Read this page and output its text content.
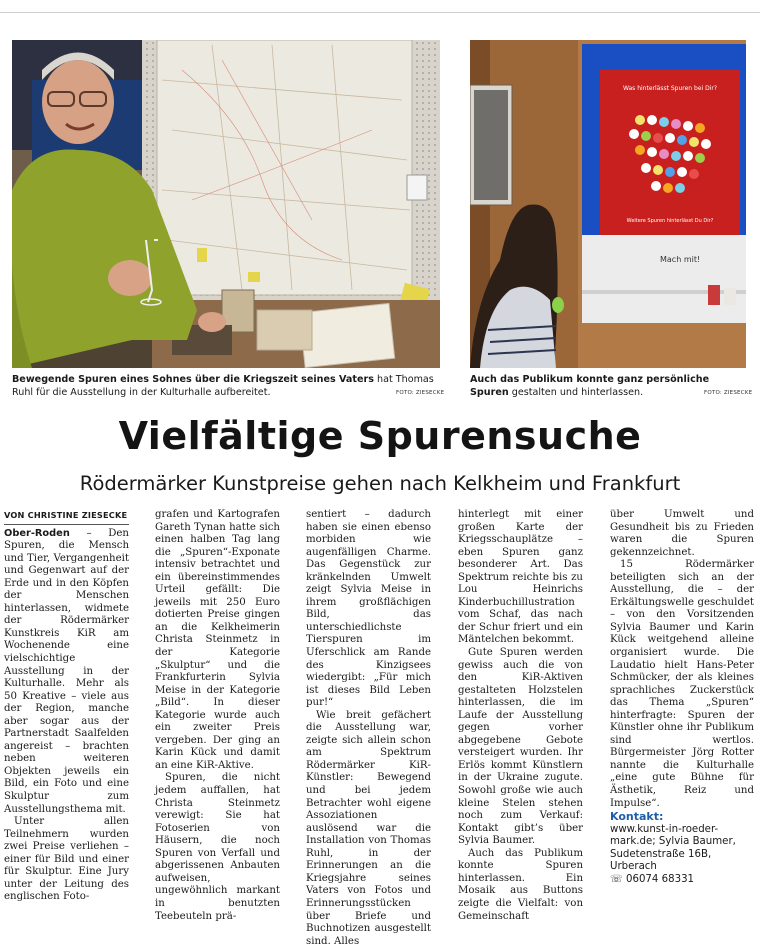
Was hinterlässt Spuren bei Dir?
Weitere Spuren hinterlässt Du Dir?
Mach mit!
Bewegende Spuren eines Sohnes über die Kriegszeit seines Vaters hat Thomas Ruhl für die Ausstellung in der Kulturhalle aufbereitet.	FOTO: ZIESECKE
Auch das Publikum konnte ganz persönliche Spuren gestalten und hinterlassen.	FOTO: ZIESECKE
Vielfältige Spurensuche
Rödermärker Kunstpreise gehen nach Kelkheim und Frankfurt
VON CHRISTINE ZIESECKE

Ober-Roden – Den Spuren, die Mensch und Tier, Vergangenheit und Gegenwart auf der Erde und in den Köpfen der Menschen hinterlassen, widmete der Rödermärker Kunstkreis KiR am Wochenende eine vielschichtige Ausstellung in der Kulturhalle. Mehr als 50 Kreative – viele aus der Region, manche aber sogar aus der Partnerstadt Saalfelden angereist – brachten neben weiteren Objekten jeweils ein Bild, ein Foto und eine Skulptur zum Ausstellungsthema mit.

Unter allen Teilnehmern wurden zwei Preise verliehen – einer für Bild und einer für Skulptur. Eine Jury unter der Leitung des englischen Foto-

grafen und Kartografen Gareth Tynan hatte sich einen halben Tag lang die „Spuren“-Exponate intensiv betrachtet und ein übereinstimmendes Urteil gefällt: Die jeweils mit 250 Euro dotierten Preise gingen an die Kelkheimerin Christa Steinmetz in der Kategorie „Skulptur“ und die Frankfurterin Sylvia Meise in der Kategorie „Bild“. In dieser Kategorie wurde auch ein zweiter Preis vergeben. Der ging an Karin Kück und damit an eine KiR-Aktive.

Spuren, die nicht jedem auffallen, hat Christa Steinmetz verewigt: Sie hat Fotoserien von Häusern, die noch Spuren von Verfall und abgerissenen Anbauten aufweisen, ungewöhnlich markant in benutzten Teebeuteln prä-

sentiert – dadurch haben sie einen ebenso morbiden wie augenfälligen Charme. Das Gegenstück zur kränkelnden Umwelt zeigt Sylvia Meise in ihrem großflächigen Bild, das unterschiedlichste Tierspuren im Uferschlick am Rande des Kinzigsees wiedergibt: „Für mich ist dieses Bild Leben pur!“

Wie breit gefächert die Ausstellung war, zeigte sich allein schon am Spektrum Rödermärker KiR-Künstler: Bewegend und bei jedem Betrachter wohl eigene Assoziationen auslösend war die Installation von Thomas Ruhl, in der Erinnerungen an die Kriegsjahre seines Vaters von Fotos und Erinnerungsstücken über Briefe und Buchnotizen ausgestellt sind. Alles

hinterlegt mit einer großen Karte der Kriegsschauplätze – eben Spuren ganz besonderer Art. Das Spektrum reichte bis zu Lou Heinrichs Kinderbuchillustration vom Schaf, das nach der Schur friert und ein Mäntelchen bekommt.

Gute Spuren werden gewiss auch die von den KiR-Aktiven gestalteten Holzstelen hinterlassen, die im Laufe der Ausstellung gegen vorher abgegebene Gebote versteigert wurden. Ihr Erlös kommt Künstlern in der Ukraine zugute. Sowohl große wie auch kleine Stelen stehen noch zum Verkauf: Kontakt gibt’s über Sylvia Baumer.

Auch das Publikum konnte Spuren hinterlassen. Ein Mosaik aus Buttons zeigte die Vielfalt: von Gemeinschaft

über Umwelt und Gesundheit bis zu Frieden waren die Spuren gekennzeichnet.

15 Rödermärker beteiligten sich an der Ausstellung, die – der Erkältungswelle geschuldet – von den Vorsitzenden Sylvia Baumer und Karin Kück weitgehend alleine organisiert wurde. Die Laudatio hielt Hans-Peter Schmücker, der als kleines sprachliches Zuckerstück das Thema „Spuren“ hinterfragte: Spuren der Künstler ohne ihr Publikum sind wertlos. Bürgermeister Jörg Rotter nannte die Kulturhalle „eine gute Bühne für Ästhetik, Reiz und Impulse“.

Kontakt:
www.kunst-in-roeder-mark.de; Sylvia Baumer, Sudetenstraße 16B, Urberach
☏ 06074 68331
